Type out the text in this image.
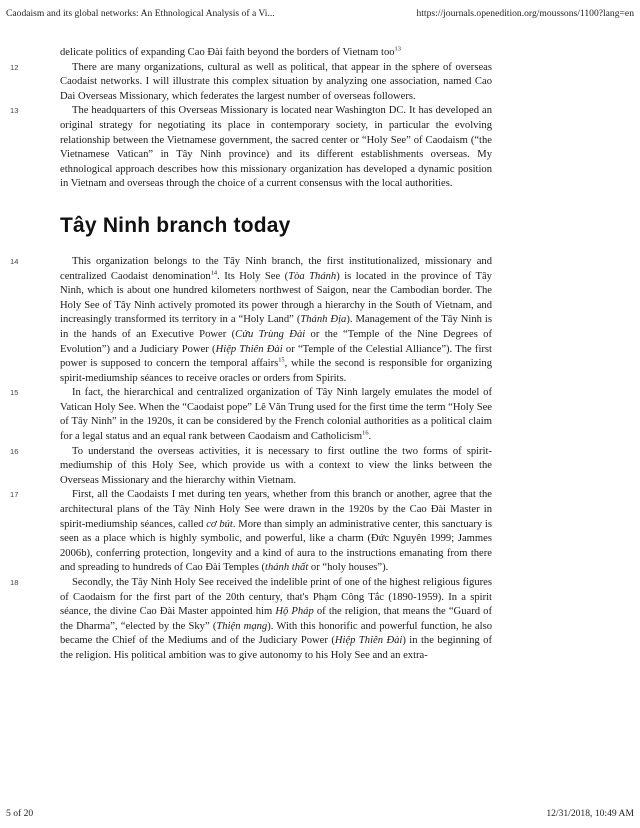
Caodaism and its global networks: An Ethnological Analysis of a Vi...	https://journals.openedition.org/moussons/1100?lang=en

delicate politics of expanding Cao Đài faith beyond the borders of Vietnam too$^{13}$

12	There are many organizations, cultural as well as political, that appear in the sphere of overseas Caodaist networks. I will illustrate this complex situation by analyzing one association, named Cao Dai Overseas Missionary, which federates the largest number of overseas followers.

13	The headquarters of this Overseas Missionary is located near Washington DC. It has developed an original strategy for negotiating its place in contemporary society, in particular the evolving relationship between the Vietnamese government, the sacred center or “Holy See” of Caodaism (“the Vietnamese Vatican” in Tây Ninh province) and its different establishments overseas. My ethnological approach describes how this missionary organization has developed a dynamic position in Vietnam and overseas through the choice of a current consensus with the local authorities.

Tây Ninh branch today

14	This organization belongs to the Tây Ninh branch, the first institutionalized, missionary and centralized Caodaist denomination$^{14}$. Its Holy See (Tòa Thánh) is located in the province of Tây Ninh, which is about one hundred kilometers northwest of Saigon, near the Cambodian border. The Holy See of Tây Ninh actively promoted its power through a hierarchy in the South of Vietnam, and increasingly transformed its territory in a “Holy Land” (Thánh Địa). Management of the Tây Ninh is in the hands of an Executive Power (Cửu Trùng Đài or the “Temple of the Nine Degrees of Evolution”) and a Judiciary Power (Hiệp Thiên Đài or “Temple of the Celestial Alliance”). The first power is supposed to concern the temporal affairs$^{15}$, while the second is responsible for organizing spirit-mediumship séances to receive oracles or orders from Spirits.

15	In fact, the hierarchical and centralized organization of Tây Ninh largely emulates the model of Vatican Holy See. When the “Caodaist pope” Lê Văn Trung used for the first time the term “Holy See of Tây Ninh” in the 1920s, it can be considered by the French colonial authorities as a political claim for a legal status and an equal rank between Caodaism and Catholicism$^{16}$.

16	To understand the overseas activities, it is necessary to first outline the two forms of spirit-mediumship of this Holy See, which provide us with a context to view the links between the Overseas Missionary and the hierarchy within Vietnam.

17	First, all the Caodaists I met during ten years, whether from this branch or another, agree that the architectural plans of the Tây Ninh Holy See were drawn in the 1920s by the Cao Đài Master in spirit-mediumship séances, called cơ bút. More than simply an administrative center, this sanctuary is seen as a place which is highly symbolic, and powerful, like a charm (Đức Nguyên 1999; Jammes 2006b), conferring protection, longevity and a kind of aura to the instructions emanating from there and spreading to hundreds of Cao Đài Temples (thánh thất or “holy houses”).

18	Secondly, the Tây Ninh Holy See received the indelible print of one of the highest religious figures of Caodaism for the first part of the 20th century, that's Phạm Công Tắc (1890-1959). In a spirit séance, the divine Cao Đài Master appointed him Hộ Pháp of the religion, that means the “Guard of the Dharma”, “elected by the Sky” (Thiện mạng). With this honorific and powerful function, he also became the Chief of the Mediums and of the Judiciary Power (Hiệp Thiên Đài) in the beginning of the religion. His political ambition was to give autonomy to his Holy See and an extra-

5 of 20	12/31/2018, 10:49 AM
